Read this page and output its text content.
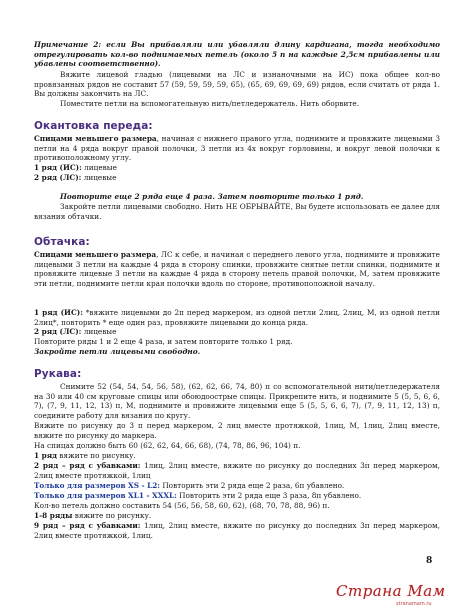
Примечание 2: если Вы прибавляли или убавляли длину кардигана, тогда необходимо отрегулировать кол-во поднимаемых петель (около 5 п на каждые 2,5см прибавлены или убавлены соответственно).
Вяжите лицевой гладью (лицевыми на ЛС и изнаночными на ИС) пока общее кол-во провязанных рядов не составит 57 (59, 59, 59, 59, 65), (65, 69, 69, 69, 69) рядов, если считать от ряда 1. Вы должны закончить на ЛС.
Поместите петли на вспомогательную нить/петледержатель. Нить оборвите.
Окантовка переда:
Спицами меньшего размера, начиная с нижнего правого угла, поднимите и провяжите лицевыми 3 петли на 4 ряда вокруг правой полочки, 3 петли из 4х вокруг горловины, и вокруг левой полочки к противоположному углу.
1 ряд (ИС): лицевые
2 ряд (ЛС): лицевые
Повторите еще 2 ряда еще 4 раза. Затем повторите только 1 ряд.
Закройте петли лицевыми свободно. Нить НЕ ОБРЫВАЙТЕ, Вы будете использовать ее далее для вязания обтачки.
Обтачка:
Спицами меньшего размера, ЛС к себе, и начиная с переднего левого угла, поднимите и провяжите лицевыми 3 петли на каждые 4 ряда в сторону спинки, провяжите снятые петли спинки, поднимите и провяжите лицевые 3 петли на каждые 4 ряда в сторону петель правой полочки, М, затем провяжите эти петли, поднимите петли края полочки вдоль по стороне, противоположной началу.
1 ряд (ИС): *вяжите лицевыми до 2п перед маркером, из одной петли 2лиц, 2лиц, М, из одной петли 2лиц*, повторить * еще один раз, провяжите лицевыми до конца ряда.
2 ряд (ЛС): лицевые
Повторите ряды 1 и 2 еще 4 раза, и затем повторите только 1 ряд.
Закройте петли лицевыми свободно.
Рукава:
Снимите 52 (54, 54, 54, 56, 58), (62, 62, 66, 74, 80) п со вспомогательной нити/петледержателя на 30 или 40 см круговые спицы или обоюдоострые спицы. Прикрепите нить, и поднимите 5 (5, 5, 6, 6, 7), (7, 9, 11, 12, 13) п, М, поднимите и провяжите лицевыми еще 5 (5, 5, 6, 6, 7), (7, 9, 11, 12, 13) п, соедините работу для вязания по кругу.
Вяжите по рисунку до 3 п перед маркером, 2 лиц вместе протяжкой, 1лиц, М, 1лиц, 2лиц вместе, вяжите по рисунку до маркера.
На спицах должно быть 60 (62, 62, 64, 66, 68), (74, 78, 86, 96, 104) п.
1 ряд вяжите по рисунку.
2 ряд – ряд с убавками: 1лиц, 2лиц вместе, вяжите по рисунку до последних 3п перед маркером, 2лиц вместе протяжкой, 1лиц
Только для размеров XS - L2: Повторить эти 2 ряда еще 2 раза, 6п убавлено.
Только для размеров XL1 - XXXL: Повторить эти 2 ряда еще 3 раза, 8п убавлено.
Кол-во петель должно составить 54 (56, 56, 58, 60, 62), (68, 70, 78, 88, 96) п.
1-8 ряды вяжите по рисунку.
9 ряд – ряд с убавками: 1лиц, 2лиц вместе, вяжите по рисунку до последних 3п перед маркером, 2лиц вместе протяжкой, 1лиц.
8
Страна Мам
stranamam.ru
